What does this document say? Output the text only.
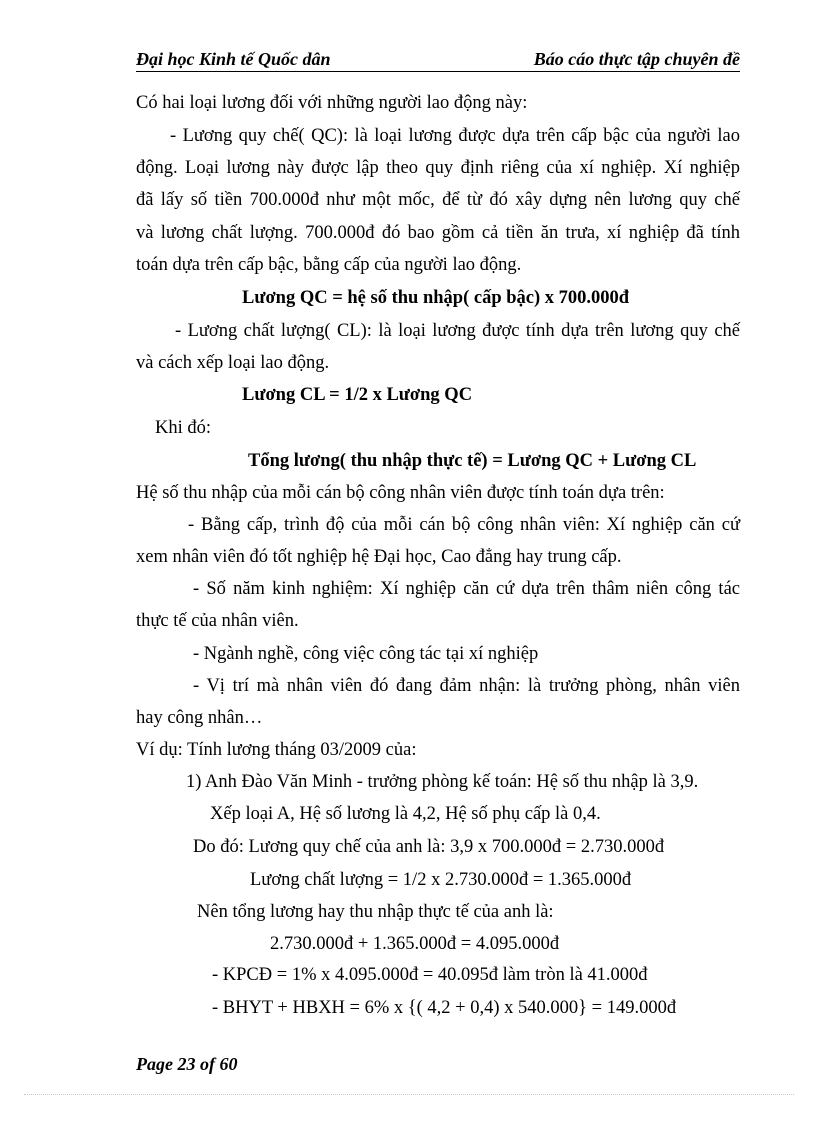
Đại học Kinh tế Quốc dân	Báo cáo thực tập chuyên đề
Có hai loại lương đối với những người lao động này:
- Lương quy chế( QC): là loại lương được dựa trên cấp bậc của người lao
động. Loại lương này được lập theo quy định riêng của xí nghiệp. Xí nghiệp
đã lấy số tiền 700.000đ như một mốc, để từ đó xây dựng nên lương quy chế
và lương chất lượng. 700.000đ đó bao gồm cả tiền ăn trưa, xí nghiệp đã tính
toán dựa trên cấp bậc, bằng cấp của người lao động.
Lương QC = hệ số thu nhập( cấp bậc) x 700.000đ
- Lương chất lượng( CL): là loại lương được tính dựa trên lương quy chế
và cách xếp loại lao động.
Lương CL = 1/2 x Lương QC
Khi đó:
Tổng lương( thu nhập thực tế) = Lương QC + Lương CL
Hệ số thu nhập của mỗi cán bộ công nhân viên được tính toán dựa trên:
- Bằng cấp, trình độ của mỗi cán bộ công nhân viên: Xí nghiệp căn cứ
xem nhân viên đó tốt nghiệp hệ Đại học, Cao đẳng hay trung cấp.
- Số năm kinh nghiệm: Xí nghiệp căn cứ dựa trên thâm niên công tác
thực tế của nhân viên.
- Ngành nghề, công việc công tác tại xí nghiệp
- Vị trí mà nhân viên đó đang đảm nhận: là trưởng phòng, nhân viên
hay công nhân…
Ví dụ: Tính lương tháng 03/2009 của:
1) Anh Đào Văn Minh - trưởng phòng kế toán: Hệ số thu nhập là 3,9.
Xếp loại A, Hệ số lương là 4,2, Hệ số phụ cấp là 0,4.
Do đó: Lương quy chế của anh là: 3,9 x 700.000đ = 2.730.000đ
Lương chất lượng = 1/2 x 2.730.000đ = 1.365.000đ
Nên tổng lương hay thu nhập thực tế của anh là:
2.730.000đ + 1.365.000đ = 4.095.000đ
- KPCĐ = 1% x 4.095.000đ = 40.095đ làm tròn là 41.000đ
- BHYT + HBXH = 6% x {( 4,2 + 0,4) x 540.000} = 149.000đ
Page 23 of 60
